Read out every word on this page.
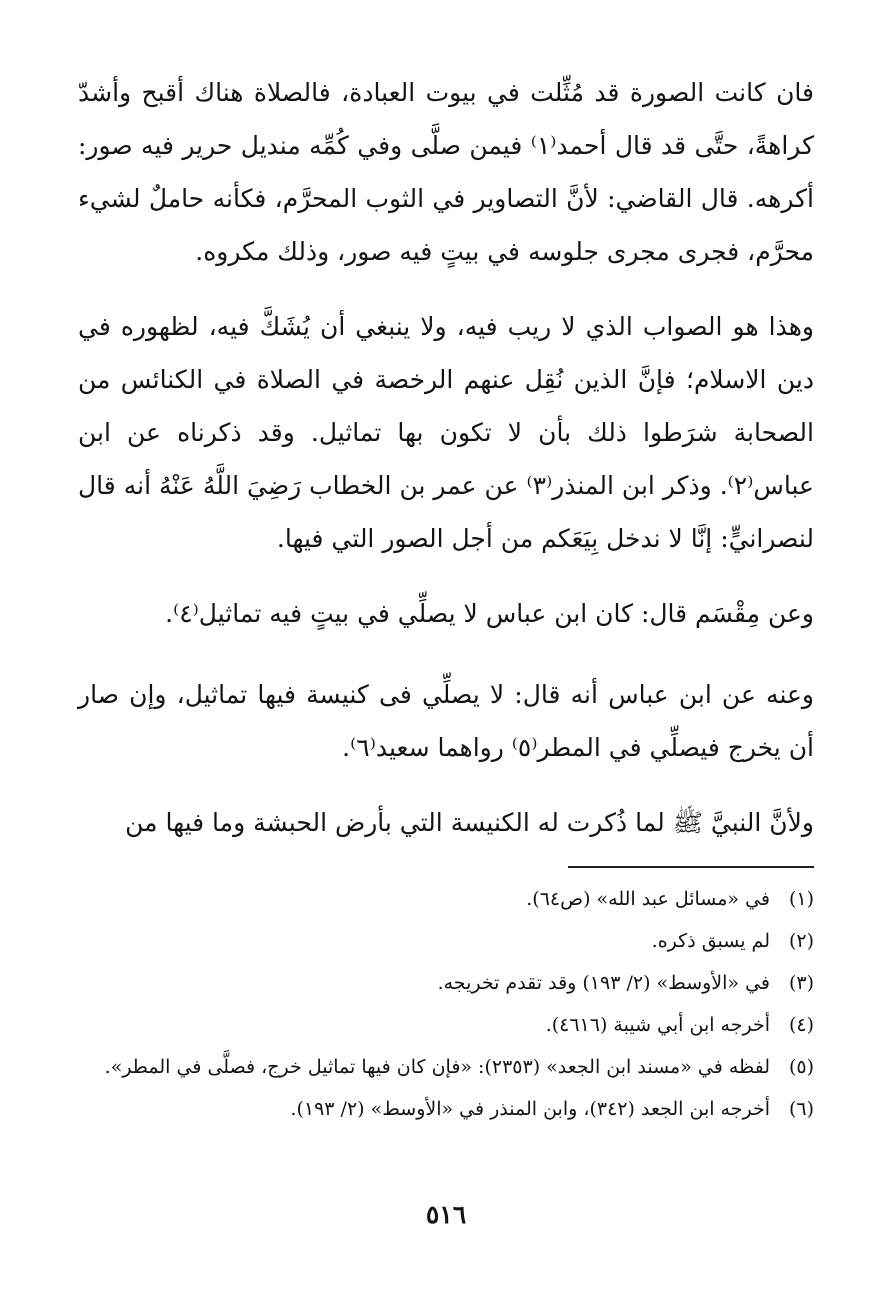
فان كانت الصورة قد مُثِّلت في بيوت العبادة، فالصلاة هناك أقبح وأشدّ كراهةً، حتَّى قد قال أحمد⁽١⁾ فيمن صلَّى وفي كُمِّه منديل حرير فيه صور: أكرهه. قال القاضي: لأنَّ التصاوير في الثوب المحرَّم، فكأنه حاملٌ لشيء محرَّم، فجرى مجرى جلوسه في بيتٍ فيه صور، وذلك مكروه.

وهذا هو الصواب الذي لا ريب فيه، ولا ينبغي أن يُشَكَّ فيه، لظهوره في دين الاسلام؛ فإنَّ الذين نُقِل عنهم الرخصة في الصلاة في الكنائس من الصحابة شرَطوا ذلك بأن لا تكون بها تماثيل. وقد ذكرناه عن ابن عباس⁽٢⁾. وذكر ابن المنذر⁽٣⁾ عن عمر بن الخطاب رَضِيَ اللَّهُ عَنْهُ أنه قال لنصرانيٍّ: إنَّا لا ندخل بِيَعَكم من أجل الصور التي فيها.

وعن مِقْسَم قال: كان ابن عباس لا يصلِّي في بيتٍ فيه تماثيل⁽٤⁾.

وعنه عن ابن عباس أنه قال: لا يصلِّي فى كنيسة فيها تماثيل، وإن صار أن يخرج فيصلِّي في المطر⁽٥⁾ رواهما سعيد⁽٦⁾.

ولأنَّ النبيَّ ﷺ لما ذُكرت له الكنيسة التي بأرض الحبشة وما فيها من

(١)
في «مسائل عبد الله» (ص٦٤).
(٢)
لم يسبق ذكره.
(٣)
في «الأوسط» (٢/ ١٩٣) وقد تقدم تخريجه.
(٤)
أخرجه ابن أبي شيبة (٤٦١٦).
(٥)
لفظه في «مسند ابن الجعد» (٢٣٥٣): «فإن كان فيها تماثيل خرج، فصلَّى في المطر».
(٦)
أخرجه ابن الجعد (٣٤٢)، وابن المنذر في «الأوسط» (٢/ ١٩٣).
٥١٦
